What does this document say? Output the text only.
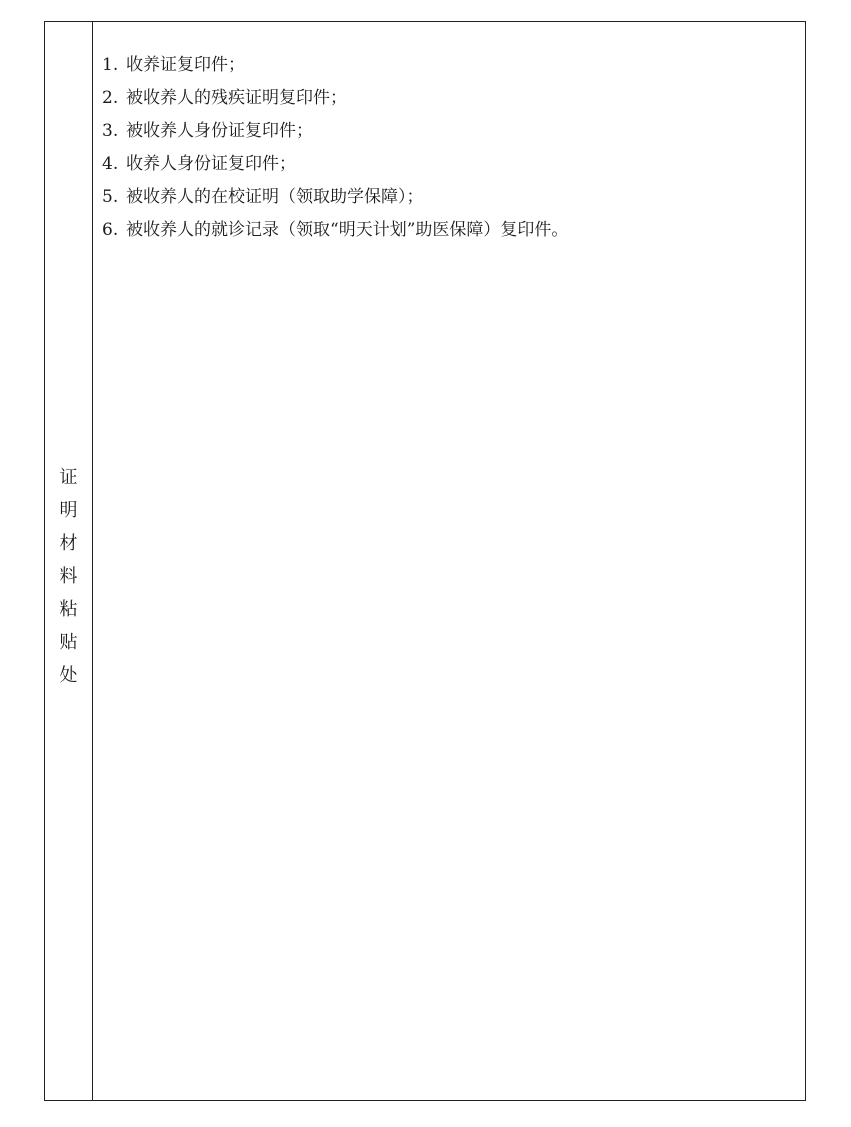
证
明
材
料
粘
贴
处
1. 收养证复印件；
2. 被收养人的残疾证明复印件；
3. 被收养人身份证复印件；
4. 收养人身份证复印件；
5. 被收养人的在校证明（领取助学保障）；
6. 被收养人的就诊记录（领取“明天计划”助医保障）复印件。
